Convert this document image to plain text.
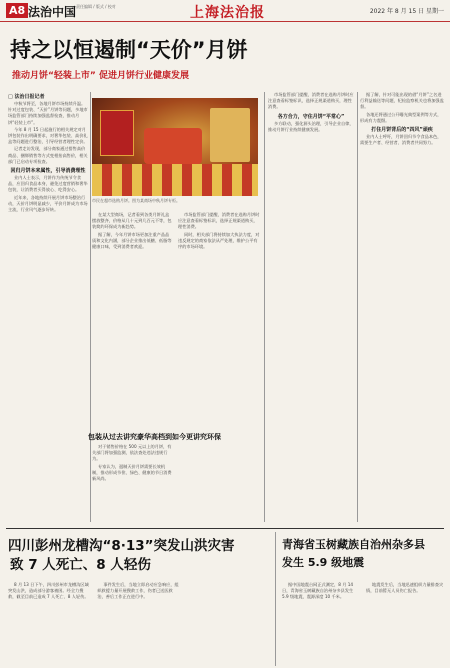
A8 法治中国 责任编辑 / 版式 / 校对	上海法治报	2022 年 8 月 15 日 星期一
持之以恒遏制“天价”月饼
推动月饼“轻装上市” 促进月饼行业健康发展

□ 法治日报记者

中秋节将至，各地月饼市场持续升温。针对过度包装、“天价”月饼等问题，多地市场监管部门持续加强监督检查，推动月饼“轻装上市”。

今年 8 月 15 日起施行的相关规定对月饼包装作出明确要求，对奢华包装、高价礼盒等问题进行整治，引导经营者理性定价。

记者走访发现，部分商家通过搭售高价商品、捆绑销售等方式变相抬高售价，相关部门已启动专项检查。

回归月饼本来属性，引导消费理性

业内人士表示，月饼作为传统节令食品，应回归食品本身，避免过度营销和奢华包装，让消费者买得放心、吃得安心。

近年来，各地持续开展月饼市场整治行动，天价月饼明显减少，平价月饼成为市场主流，行业风气逐步好转。

市民在超市选购月饼。图为某商场中秋月饼专柜。

在某大型商场，记者看到各类月饼礼盒摆放整齐，价格从几十元到几百元不等，包装简约环保成为新趋势。

据了解，今年月饼市场更加注重产品品质和文化内涵，部分企业推出低糖、低脂等健康口味，受到消费者欢迎。

包装从过去讲究豪华高档到如今更讲究环保

对于销售价格在 500 元以上的月饼，有关部门将加强监测，依法查处违法违规行为。

专家认为，遏制天价月饼需要长效机制，推动形成节俭、绿色、健康的节日消费新风尚。

市场监管部门提醒，消费者在选购月饼时应注意查看标签标识，选择正规渠道购买，理性消费。

同时，相关部门将持续加大执法力度，对违反规定的商家依法从严处理，维护公平有序的市场环境。

市场监管部门提醒，消费者在选购月饼时应注意查看标签标识，选择正规渠道购买，理性消费。

各方合力，守住月饼“平常心”

多方联动，强化源头治理，引导企业自律，推动月饼行业持续健康发展。

据了解，针对可能出现的借“月饼”之名进行利益输送等问题，纪检监察机关也将加强监督。

各地还将通过公开曝光典型案例等方式，形成有力震慑。

打住月饼背后的“四风”顽疾

业内人士呼吁，月饼回归节令食品本色，需要生产者、经营者、消费者共同努力。

四川彭州龙槽沟“8·13”突发山洪灾害
致 7 人死亡、8 人轻伤

8 月 13 日下午，四川彭州市龙槽沟区域突发山洪，造成部分游客被困。经全力搜救，截至目前已造成 7 人死亡、8 人轻伤。

事件发生后，当地立即启动应急响应，组织救援力量开展搜救工作，伤者已送医救治，善后工作正在进行中。

青海省玉树藏族自治州杂多县
发生 5.9 级地震

据中国地震台网正式测定，8 月 14 日，青海省玉树藏族自治州杂多县发生 5.9 级地震，震源深度 10 千米。

地震发生后，当地迅速组织力量排查灾情，目前暂无人员伤亡报告。
